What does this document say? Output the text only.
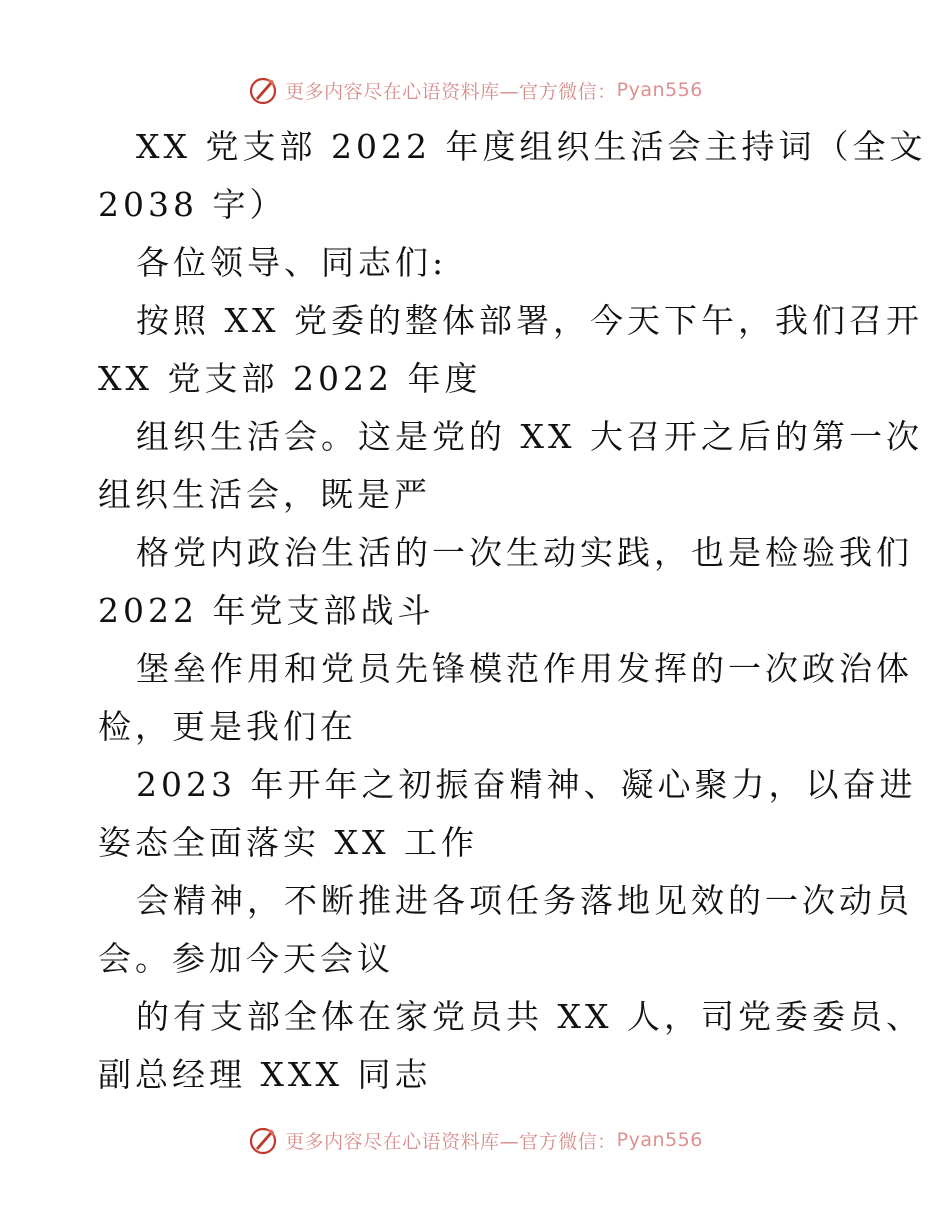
更多内容尽在心语资料库—官方微信： Pyan556
XX 党支部 2022 年度组织生活会主持词（全文
2038 字）
各位领导、同志们:
按照 XX 党委的整体部署，今天下午，我们召开
XX 党支部 2022 年度
组织生活会。这是党的 XX 大召开之后的第一次
组织生活会，既是严
格党内政治生活的一次生动实践，也是检验我们
2022 年党支部战斗
堡垒作用和党员先锋模范作用发挥的一次政治体
检，更是我们在
2023 年开年之初振奋精神、凝心聚力，以奋进
姿态全面落实 XX 工作
会精神，不断推进各项任务落地见效的一次动员
会。参加今天会议
的有支部全体在家党员共 XX 人，司党委委员、
副总经理 XXX 同志
更多内容尽在心语资料库—官方微信： Pyan556
